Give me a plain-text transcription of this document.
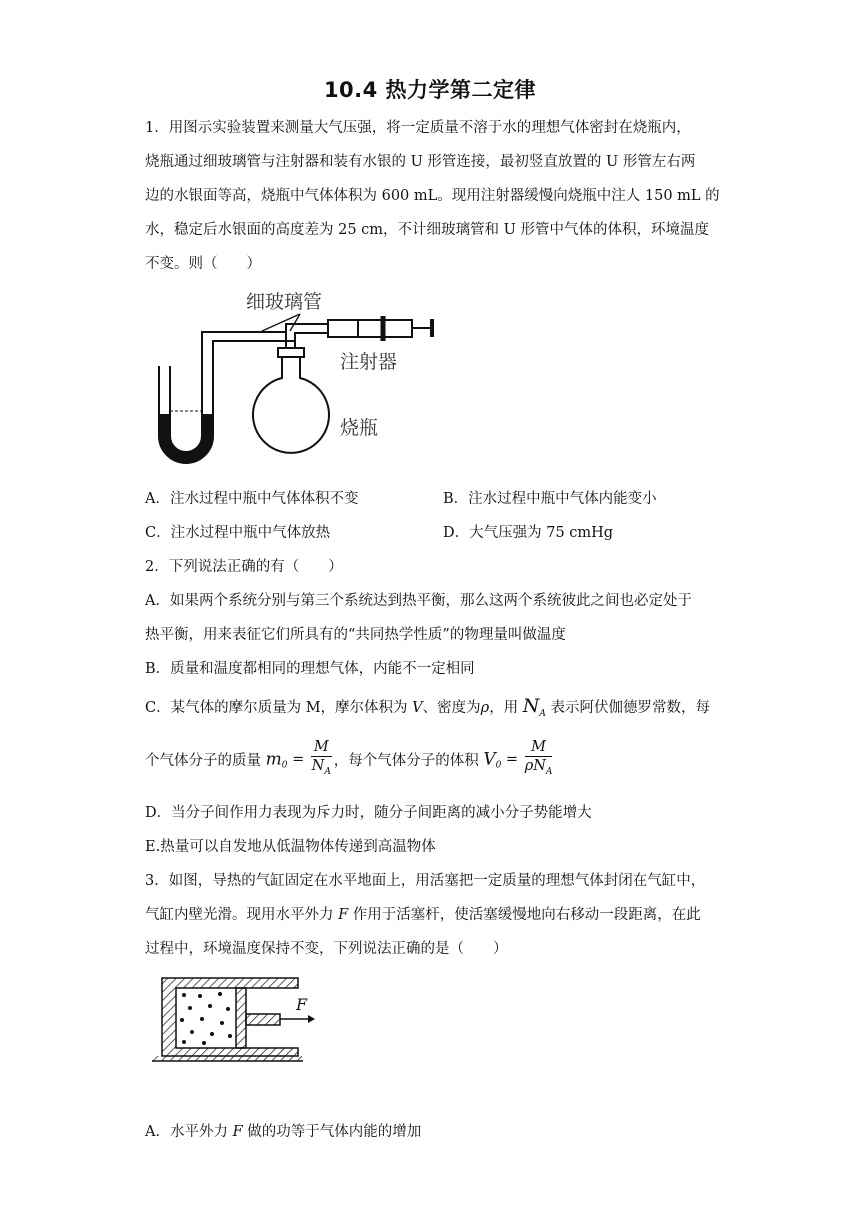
10.4 热力学第二定律
1．用图示实验装置来测量大气压强，将一定质量不溶于水的理想气体密封在烧瓶内，
烧瓶通过细玻璃管与注射器和装有水银的 U 形管连接，最初竖直放置的 U 形管左右两
边的水银面等高，烧瓶中气体体积为 600 mL。现用注射器缓慢向烧瓶中注人 150 mL 的
水，稳定后水银面的高度差为 25 cm，不计细玻璃管和 U 形管中气体的体积，环境温度
不变。则（　　）
细玻璃管
注射器
烧瓶
A．注水过程中瓶中气体体积不变	B．注水过程中瓶中气体内能变小
C．注水过程中瓶中气体放热	D．大气压强为 75 cmHg
2．下列说法正确的有（　　）
A．如果两个系统分别与第三个系统达到热平衡，那么这两个系统彼此之间也必定处于
热平衡，用来表征它们所具有的“共同热学性质”的物理量叫做温度
B．质量和温度都相同的理想气体，内能不一定相同
C．某气体的摩尔质量为 M，摩尔体积为 V、密度为ρ，用 $N_A$ 表示阿伏伽德罗常数，每
个气体分子的质量 $m_0 = \frac{M}{N_A}$ ，每个气体分子的体积 $V_0 = \frac{M}{\rho N_A}$
D．当分子间作用力表现为斥力时，随分子间距离的减小分子势能增大
E.热量可以自发地从低温物体传递到高温物体
3．如图，导热的气缸固定在水平地面上，用活塞把一定质量的理想气体封闭在气缸中，
气缸内壁光滑。现用水平外力 F 作用于活塞杆，使活塞缓慢地向右移动一段距离，在此
过程中，环境温度保持不变，下列说法正确的是（　　）
F
A．水平外力 F 做的功等于气体内能的增加
